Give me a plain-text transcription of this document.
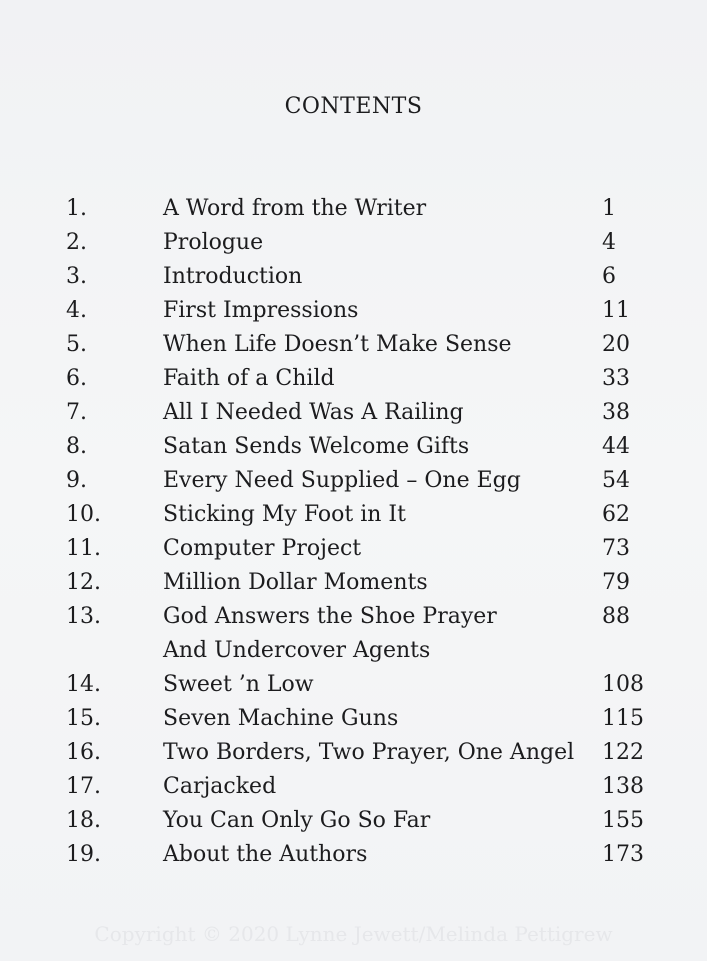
CONTENTS
1.	A Word from the Writer	1
2.	Prologue	4
3.	Introduction	6
4.	First Impressions	11
5.	When Life Doesn’t Make Sense	20
6.	Faith of a Child	33
7.	All I Needed Was A Railing	38
8.	Satan Sends Welcome Gifts	44
9.	Every Need Supplied – One Egg	54
10.	Sticking My Foot in It	62
11.	Computer Project	73
12.	Million Dollar Moments	79
13.	God Answers the Shoe Prayer	88
And Undercover Agents
14.	Sweet ’n Low	108
15.	Seven Machine Guns	115
16.	Two Borders, Two Prayer, One Angel 122
17.	Carjacked	138
18.	You Can Only Go So Far	155
19.	About the Authors	173
Copyright © 2020 Lynne Jewett/Melinda Pettigrew
